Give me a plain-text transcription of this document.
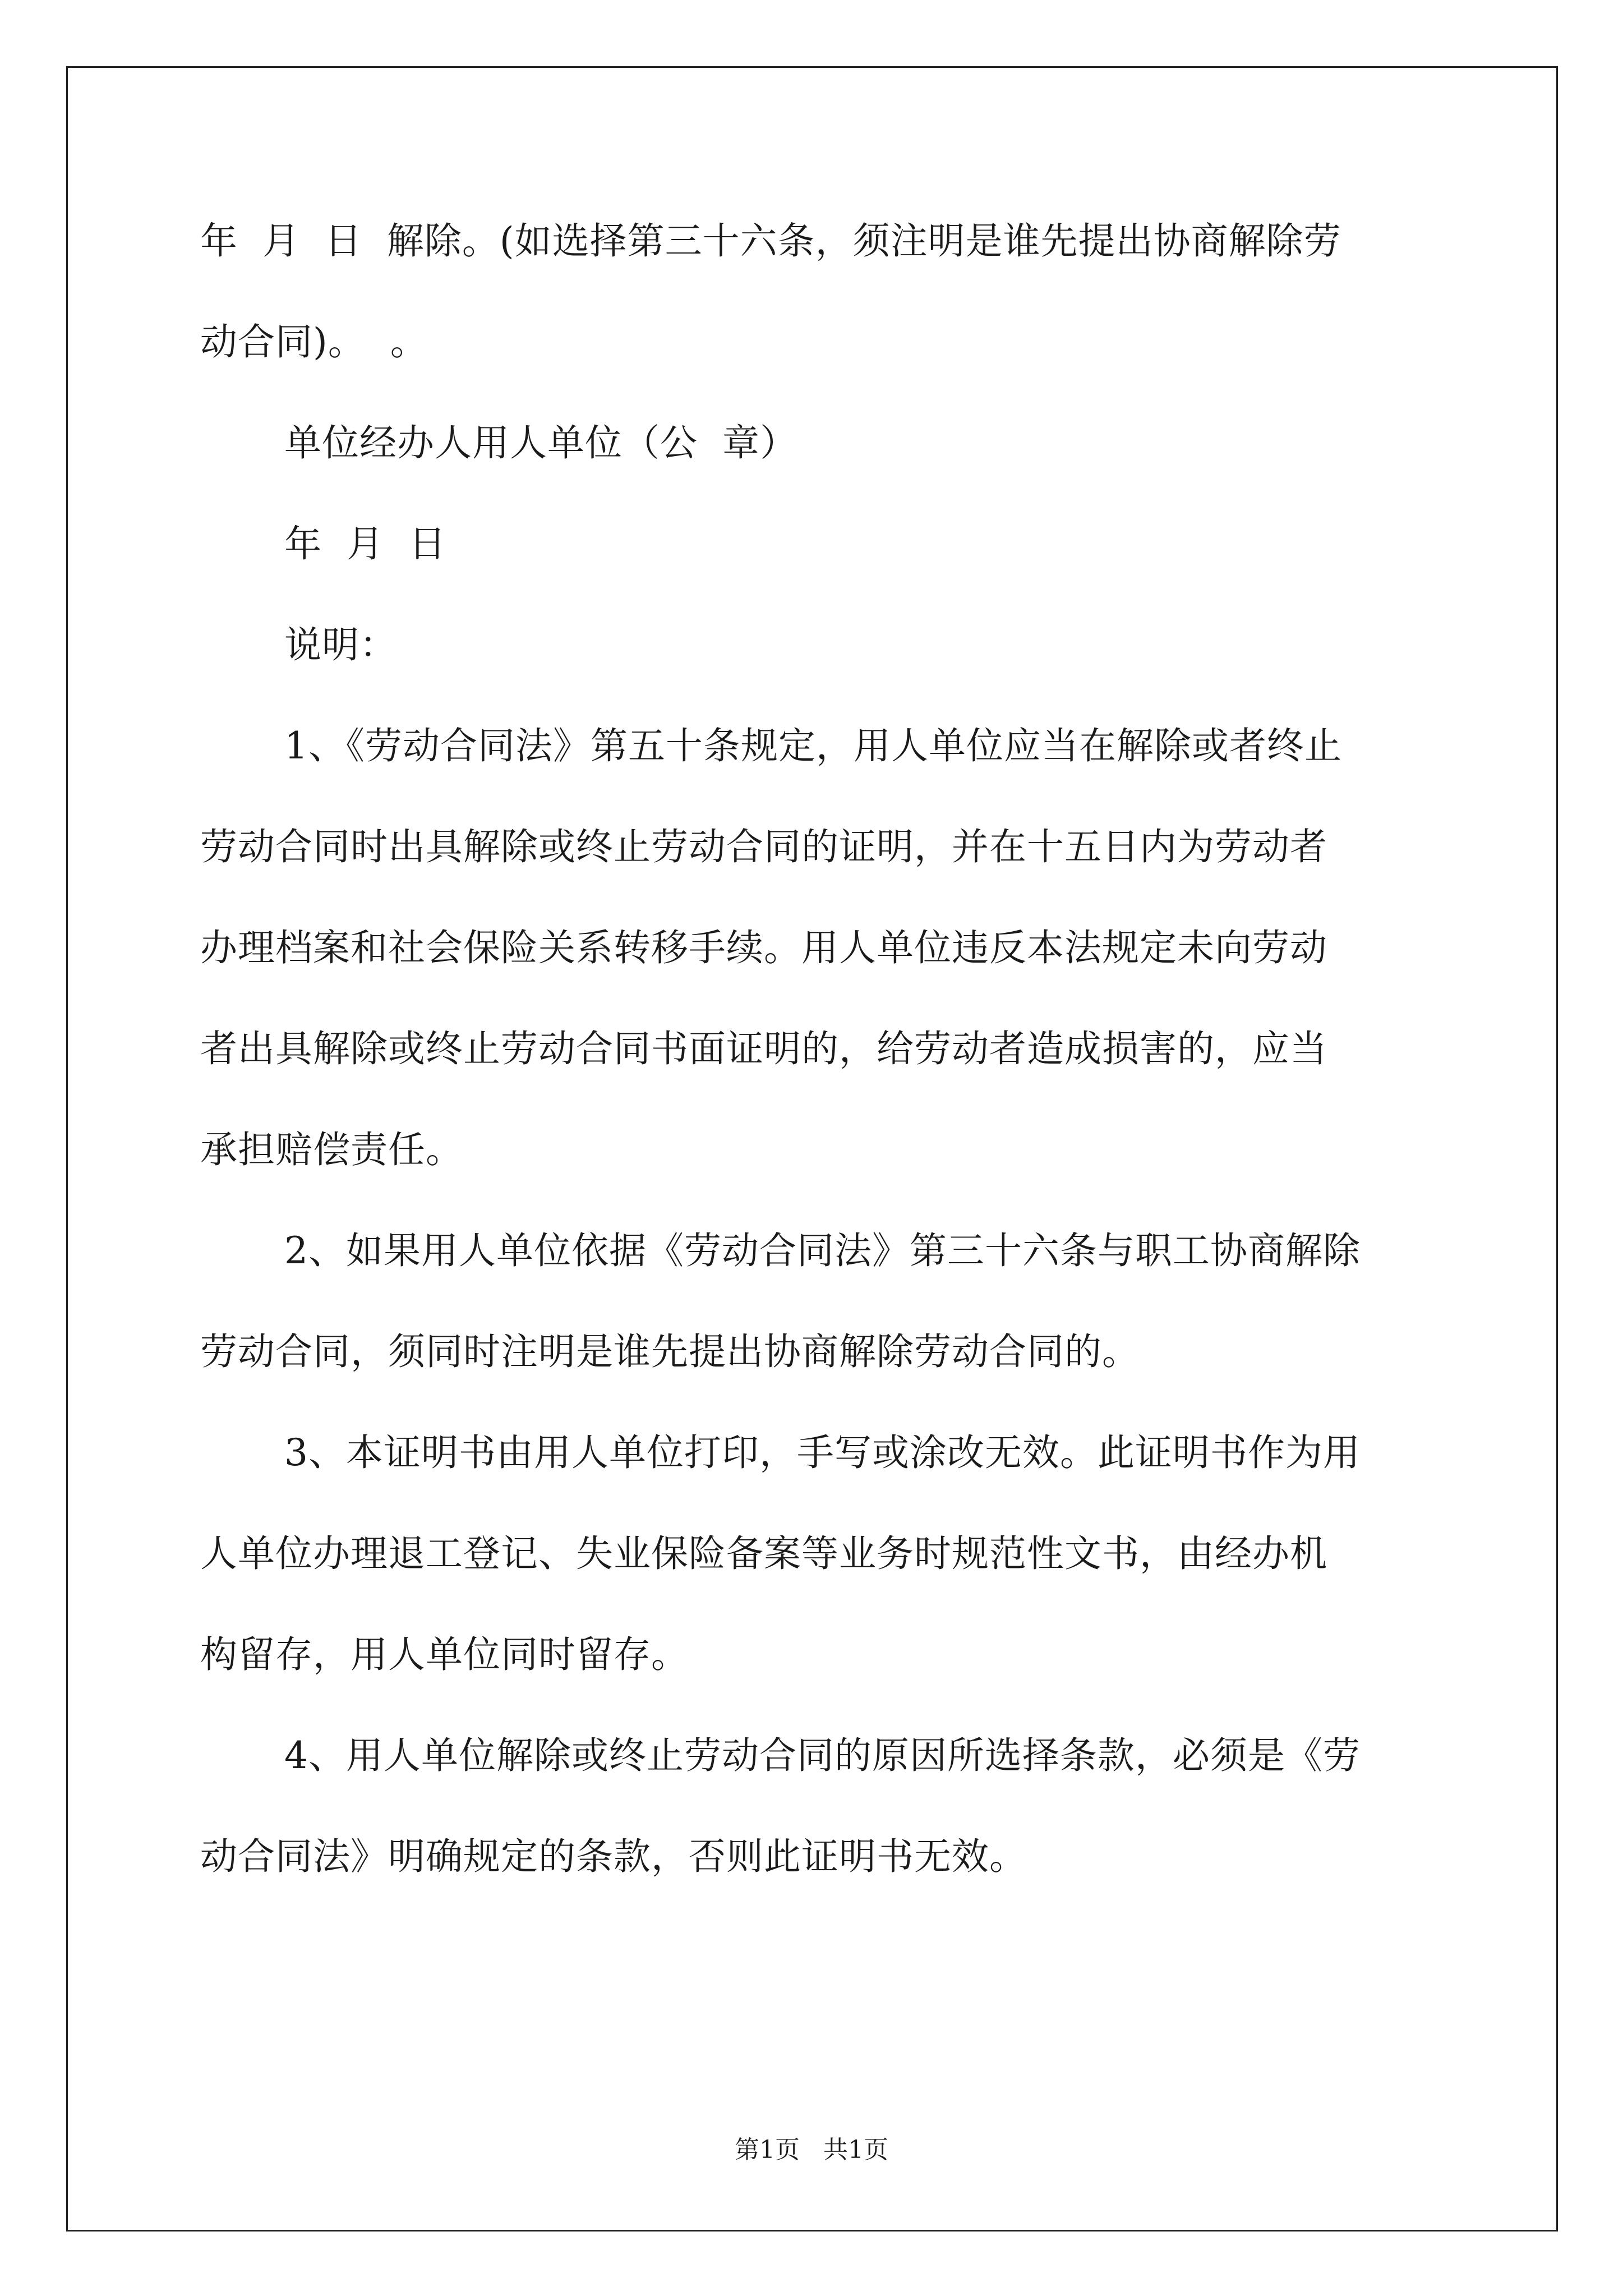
年  月  日  解除。(如选择第三十六条，须注明是谁先提出协商解除劳
动合同)。  。
单位经办人用人单位（公  章）
年  月  日
说明：
1、《劳动合同法》第五十条规定，用人单位应当在解除或者终止
劳动合同时出具解除或终止劳动合同的证明，并在十五日内为劳动者
办理档案和社会保险关系转移手续。用人单位违反本法规定未向劳动
者出具解除或终止劳动合同书面证明的，给劳动者造成损害的，应当
承担赔偿责任。
2、如果用人单位依据《劳动合同法》第三十六条与职工协商解除
劳动合同，须同时注明是谁先提出协商解除劳动合同的。
3、本证明书由用人单位打印，手写或涂改无效。此证明书作为用
人单位办理退工登记、失业保险备案等业务时规范性文书，由经办机
构留存，用人单位同时留存。
4、用人单位解除或终止劳动合同的原因所选择条款，必须是《劳
动合同法》明确规定的条款，否则此证明书无效。
第1页   共1页
